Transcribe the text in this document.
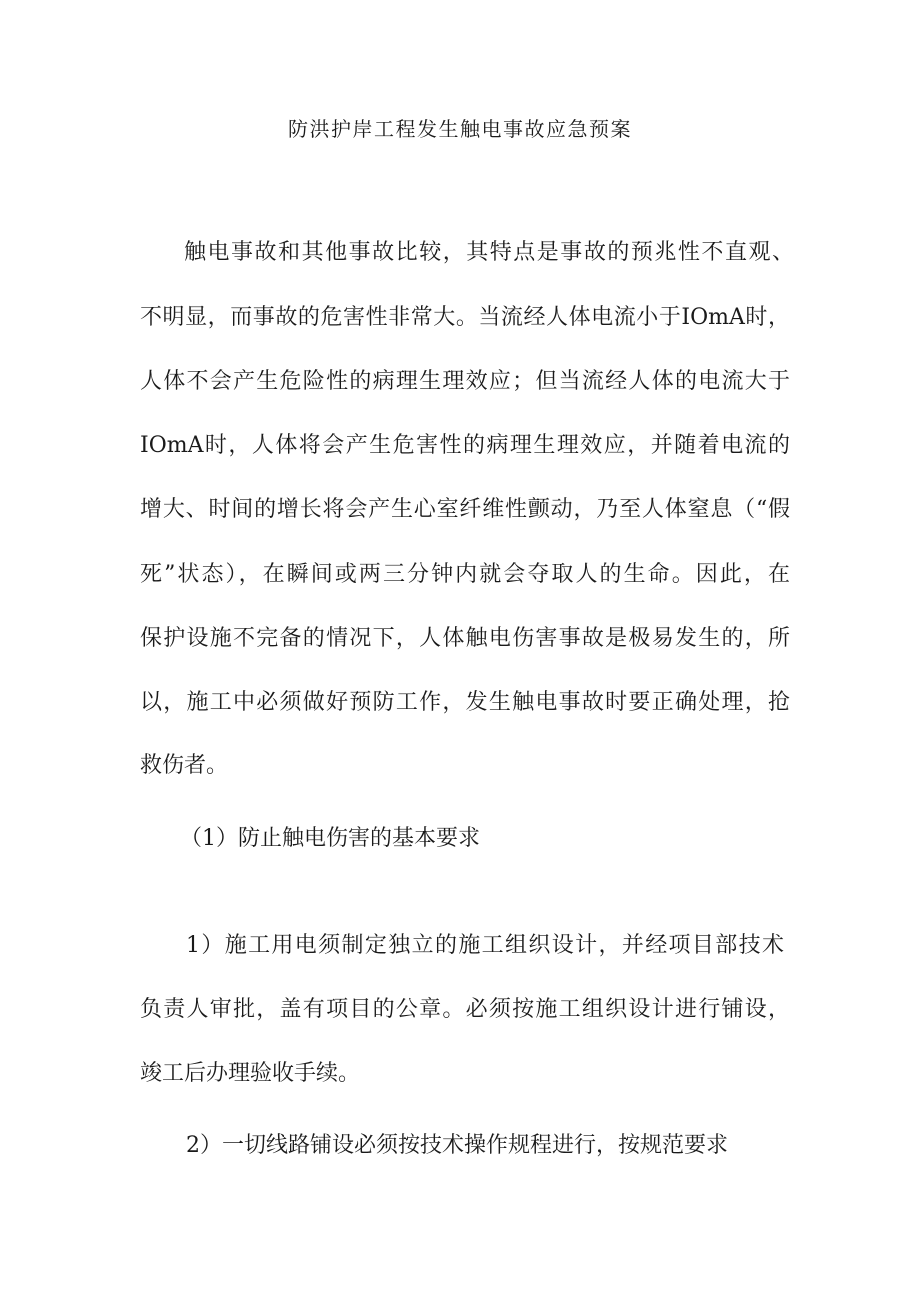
防洪护岸工程发生触电事故应急预案

触电事故和其他事故比较，其特点是事故的预兆性不直观、

不明显，而事故的危害性非常大。当流经人体电流小于IOmA时，

人体不会产生危险性的病理生理效应；但当流经人体的电流大于

IOmA时，人体将会产生危害性的病理生理效应，并随着电流的

增大、时间的增长将会产生心室纤维性颤动，乃至人体窒息（“假

死”状态），在瞬间或两三分钟内就会夺取人的生命。因此，在

保护设施不完备的情况下，人体触电伤害事故是极易发生的，所

以，施工中必须做好预防工作，发生触电事故时要正确处理，抢

救伤者。

（1）防止触电伤害的基本要求

1）施工用电须制定独立的施工组织设计，并经项目部技术

负责人审批，盖有项目的公章。必须按施工组织设计进行铺设，

竣工后办理验收手续。

2）一切线路铺设必须按技术操作规程进行，按规范要求
